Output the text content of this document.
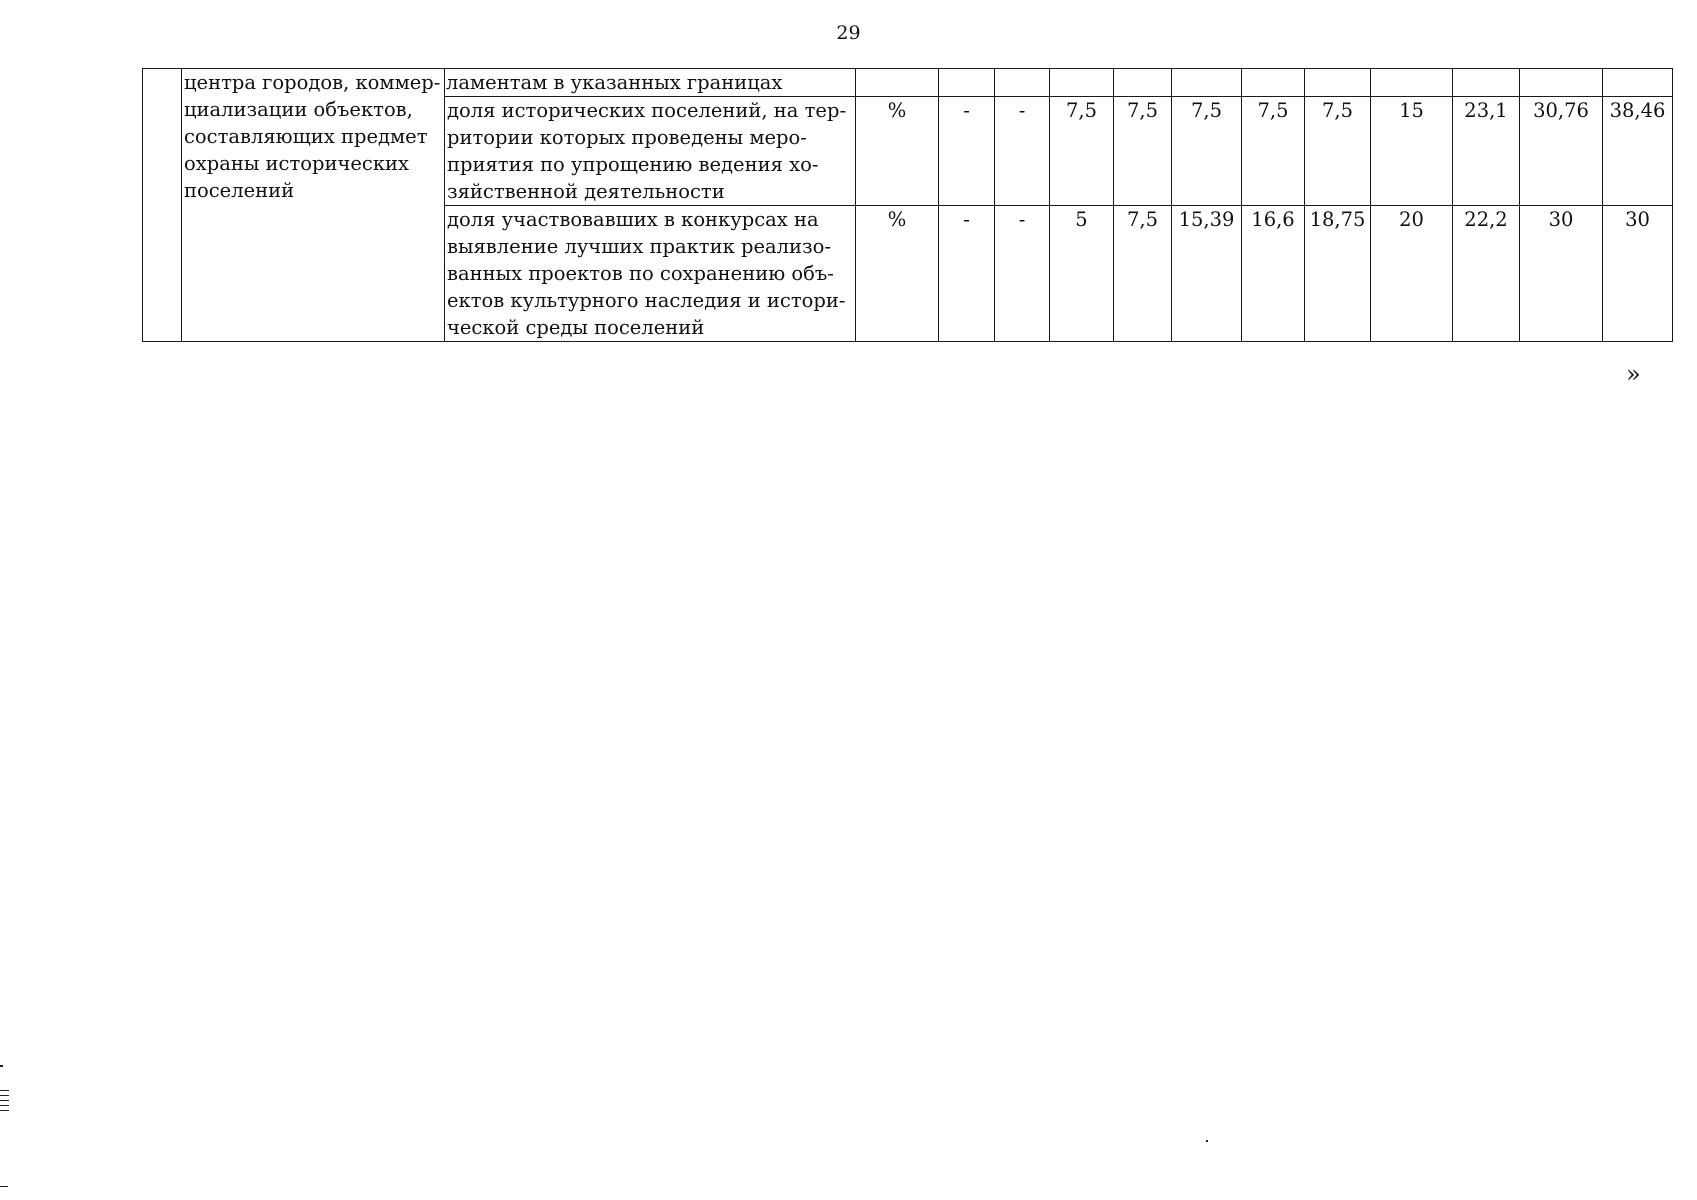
29
	центра городов, коммер-циализации объектов, составляющих предмет охраны исторических поселений	ламентам в указанных границах												
		доля исторических поселений, на тер-ритории которых проведены меро-приятия по упрощению ведения хо-зяйственной деятельности	%	-	-	7,5	7,5	7,5	7,5	7,5	15	23,1	30,76	38,46
		доля участвовавших в конкурсах на выявление лучших практик реализо-ванных проектов по сохранению объ-ектов культурного наследия и истори-ческой среды поселений	%	-	-	5	7,5	15,39	16,6	18,75	20	22,2	30	30
»
